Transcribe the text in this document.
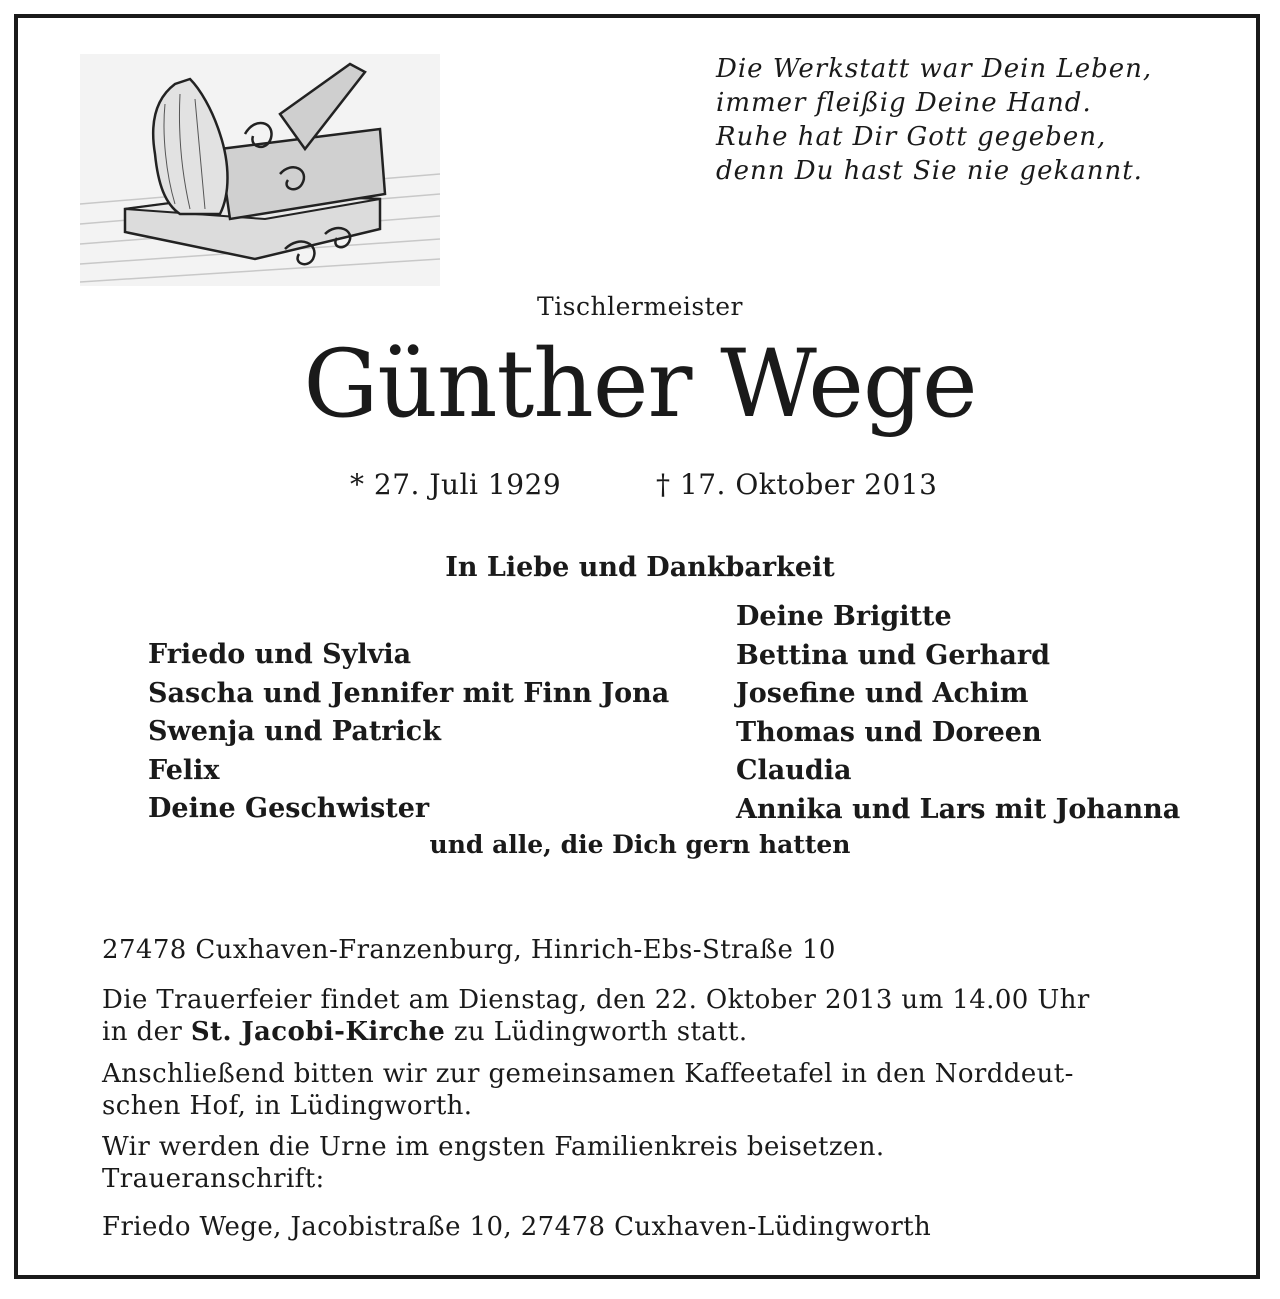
Die Werkstatt war Dein Leben,
immer fleißig Deine Hand.
Ruhe hat Dir Gott gegeben,
denn Du hast Sie nie gekannt.
Tischlermeister
Günther Wege
* 27. Juli 1929	† 17. Oktober 2013
In Liebe und Dankbarkeit
Friedo und Sylvia
Sascha und Jennifer mit Finn Jona
Swenja und Patrick
Felix
Deine Geschwister
Deine Brigitte
Bettina und Gerhard
Josefine und Achim
Thomas und Doreen
Claudia
Annika und Lars mit Johanna
und alle, die Dich gern hatten
27478 Cuxhaven-Franzenburg, Hinrich-Ebs-Straße 10
Die Trauerfeier findet am Dienstag, den 22. Oktober 2013 um 14.00 Uhr
in der St. Jacobi-Kirche zu Lüdingworth statt.
Anschließend bitten wir zur gemeinsamen Kaffeetafel in den Norddeut-
schen Hof, in Lüdingworth.
Wir werden die Urne im engsten Familienkreis beisetzen.
Traueranschrift:
Friedo Wege, Jacobistraße 10, 27478 Cuxhaven-Lüdingworth
